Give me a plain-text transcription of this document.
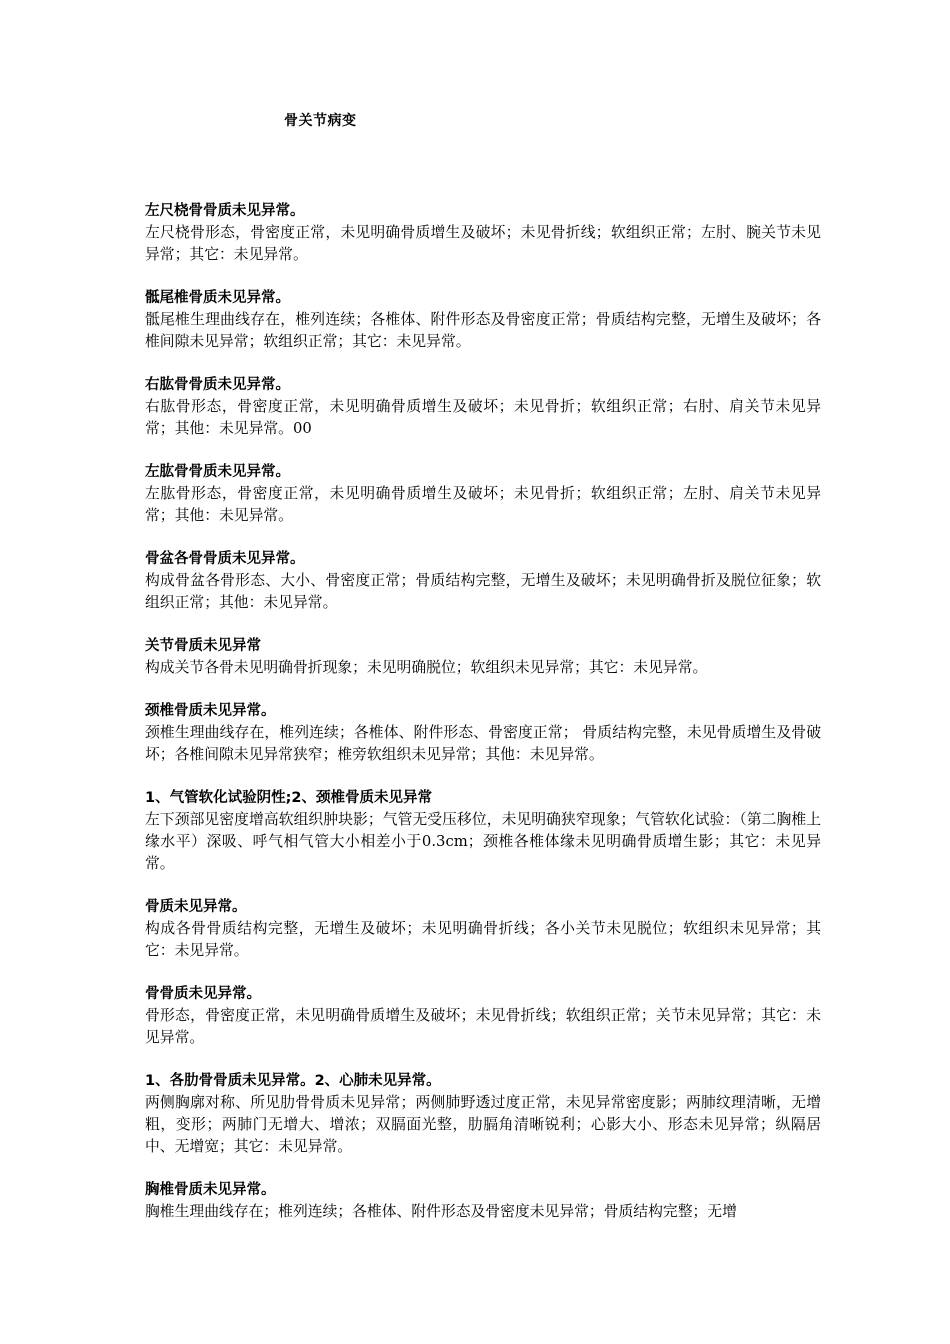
骨关节病变
左尺桡骨骨质未见异常。
左尺桡骨形态，骨密度正常，未见明确骨质增生及破坏；未见骨折线；软组织正常；左肘、腕关节未见异常；其它：未见异常。
骶尾椎骨质未见异常。
骶尾椎生理曲线存在，椎列连续；各椎体、附件形态及骨密度正常；骨质结构完整，无增生及破坏；各椎间隙未见异常；软组织正常；其它：未见异常。
右肱骨骨质未见异常。
右肱骨形态，骨密度正常，未见明确骨质增生及破坏；未见骨折；软组织正常；右肘、肩关节未见异常；其他：未见异常。00
左肱骨骨质未见异常。
左肱骨形态，骨密度正常，未见明确骨质增生及破坏；未见骨折；软组织正常；左肘、肩关节未见异常；其他：未见异常。
骨盆各骨骨质未见异常。
构成骨盆各骨形态、大小、骨密度正常；骨质结构完整，无增生及破坏；未见明确骨折及脱位征象；软组织正常；其他：未见异常。
关节骨质未见异常
构成关节各骨未见明确骨折现象；未见明确脱位；软组织未见异常；其它：未见异常。
颈椎骨质未见异常。
颈椎生理曲线存在，椎列连续；各椎体、附件形态、骨密度正常； 骨质结构完整，未见骨质增生及骨破坏；各椎间隙未见异常狭窄；椎旁软组织未见异常；其他：未见异常。
1、气管软化试验阴性;2、颈椎骨质未见异常
左下颈部见密度增高软组织肿块影；气管无受压移位，未见明确狭窄现象；气管软化试验：（第二胸椎上缘水平）深吸、呼气相气管大小相差小于0.3cm；颈椎各椎体缘未见明确骨质增生影；其它：未见异常。
骨质未见异常。
构成各骨骨质结构完整，无增生及破坏；未见明确骨折线；各小关节未见脱位；软组织未见异常；其它：未见异常。
骨骨质未见异常。
骨形态，骨密度正常，未见明确骨质增生及破坏；未见骨折线；软组织正常；关节未见异常；其它：未见异常。
1、各肋骨骨质未见异常。2、心肺未见异常。
两侧胸廓对称、所见肋骨骨质未见异常；两侧肺野透过度正常，未见异常密度影；两肺纹理清晰，无增粗，变形；两肺门无增大、增浓；双膈面光整，肋膈角清晰锐利；心影大小、形态未见异常；纵隔居中、无增宽；其它：未见异常。
胸椎骨质未见异常。
胸椎生理曲线存在；椎列连续；各椎体、附件形态及骨密度未见异常；骨质结构完整；无增
